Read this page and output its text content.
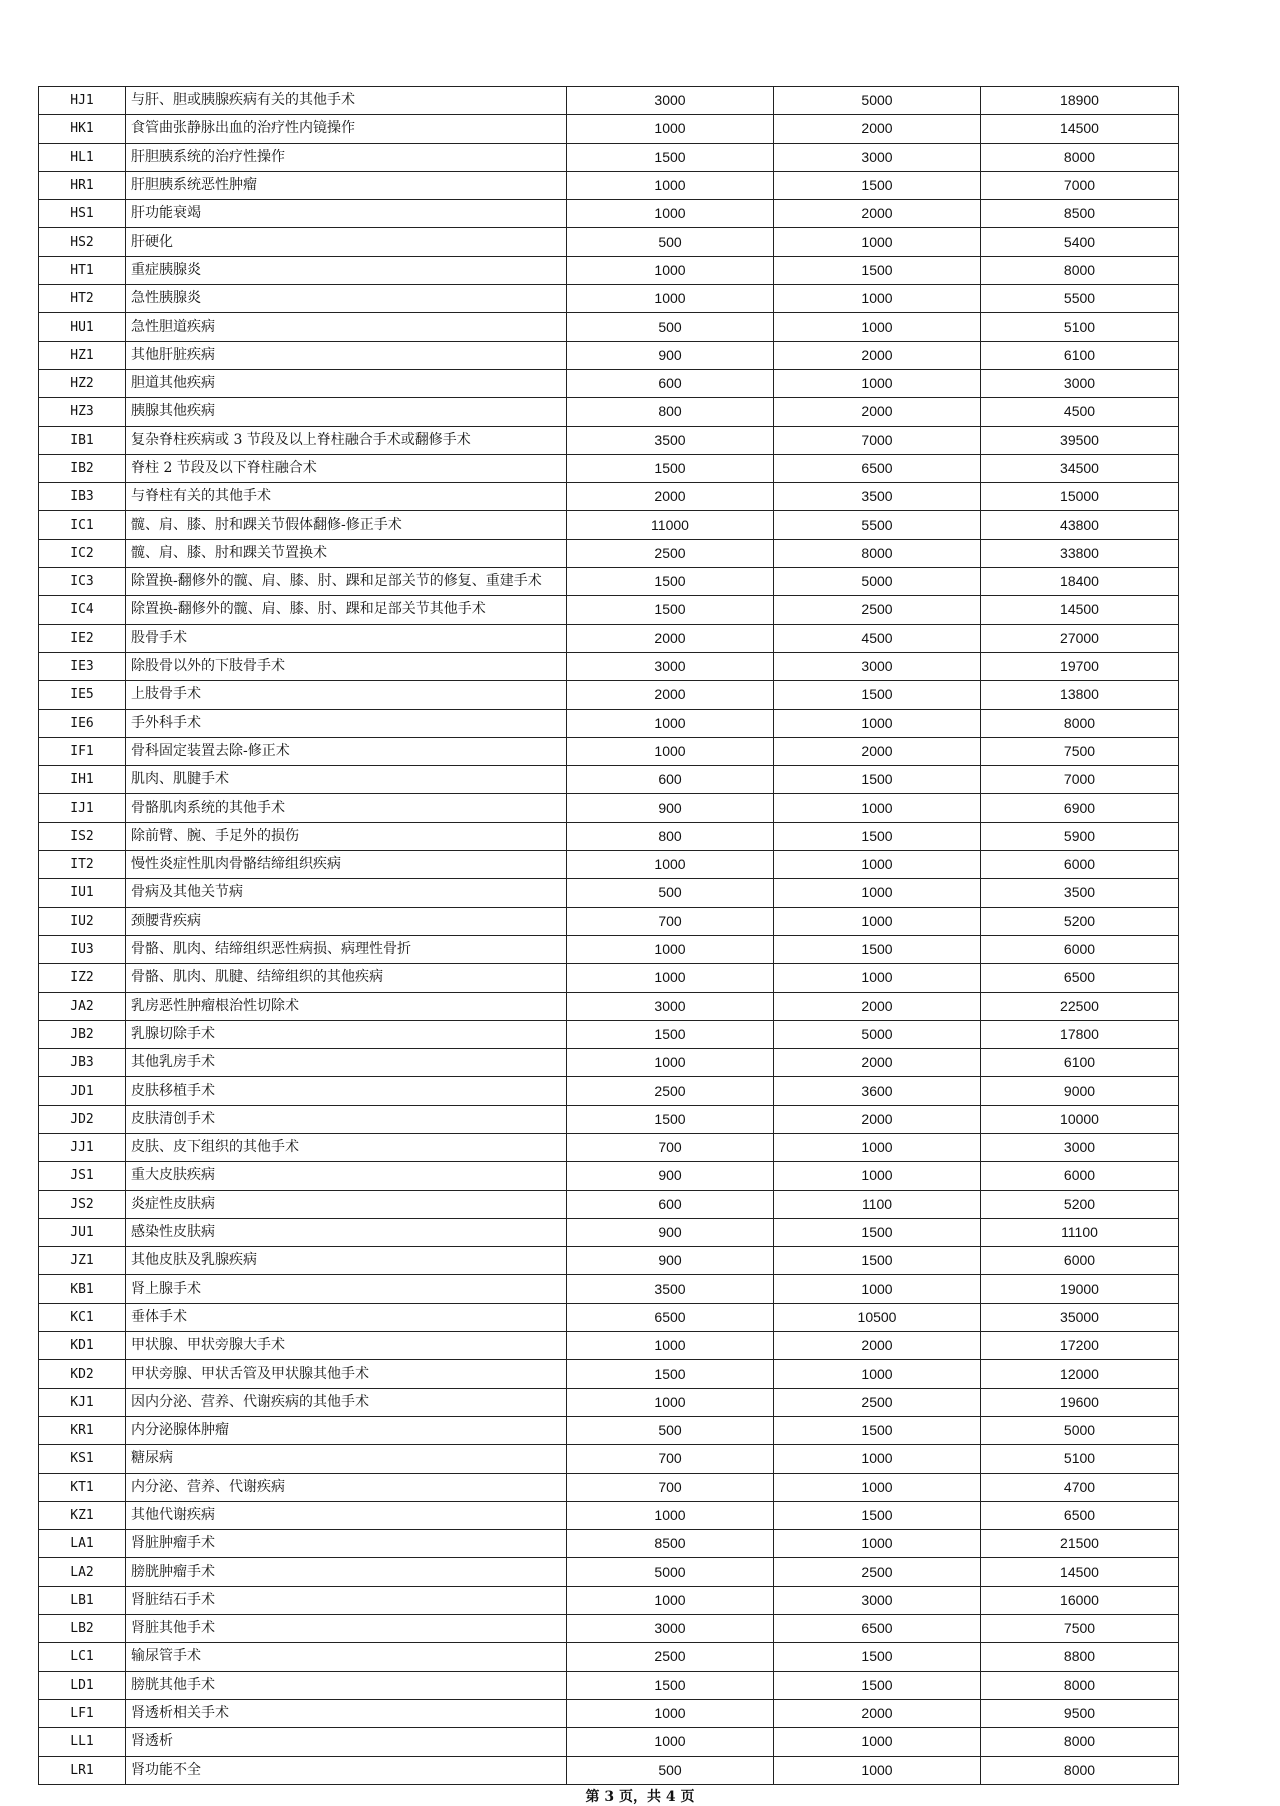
HJ1	与肝、胆或胰腺疾病有关的其他手术	3000	5000	18900
HK1	食管曲张静脉出血的治疗性内镜操作	1000	2000	14500
HL1	肝胆胰系统的治疗性操作	1500	3000	8000
HR1	肝胆胰系统恶性肿瘤	1000	1500	7000
HS1	肝功能衰竭	1000	2000	8500
HS2	肝硬化	500	1000	5400
HT1	重症胰腺炎	1000	1500	8000
HT2	急性胰腺炎	1000	1000	5500
HU1	急性胆道疾病	500	1000	5100
HZ1	其他肝脏疾病	900	2000	6100
HZ2	胆道其他疾病	600	1000	3000
HZ3	胰腺其他疾病	800	2000	4500
IB1	复杂脊柱疾病或 3 节段及以上脊柱融合手术或翻修手术	3500	7000	39500
IB2	脊柱 2 节段及以下脊柱融合术	1500	6500	34500
IB3	与脊柱有关的其他手术	2000	3500	15000
IC1	髋、肩、膝、肘和踝关节假体翻修-修正手术	11000	5500	43800
IC2	髋、肩、膝、肘和踝关节置换术	2500	8000	33800
IC3	除置换-翻修外的髋、肩、膝、肘、踝和足部关节的修复、重建手术	1500	5000	18400
IC4	除置换-翻修外的髋、肩、膝、肘、踝和足部关节其他手术	1500	2500	14500
IE2	股骨手术	2000	4500	27000
IE3	除股骨以外的下肢骨手术	3000	3000	19700
IE5	上肢骨手术	2000	1500	13800
IE6	手外科手术	1000	1000	8000
IF1	骨科固定装置去除-修正术	1000	2000	7500
IH1	肌肉、肌腱手术	600	1500	7000
IJ1	骨骼肌肉系统的其他手术	900	1000	6900
IS2	除前臂、腕、手足外的损伤	800	1500	5900
IT2	慢性炎症性肌肉骨骼结缔组织疾病	1000	1000	6000
IU1	骨病及其他关节病	500	1000	3500
IU2	颈腰背疾病	700	1000	5200
IU3	骨骼、肌肉、结缔组织恶性病损、病理性骨折	1000	1500	6000
IZ2	骨骼、肌肉、肌腱、结缔组织的其他疾病	1000	1000	6500
JA2	乳房恶性肿瘤根治性切除术	3000	2000	22500
JB2	乳腺切除手术	1500	5000	17800
JB3	其他乳房手术	1000	2000	6100
JD1	皮肤移植手术	2500	3600	9000
JD2	皮肤清创手术	1500	2000	10000
JJ1	皮肤、皮下组织的其他手术	700	1000	3000
JS1	重大皮肤疾病	900	1000	6000
JS2	炎症性皮肤病	600	1100	5200
JU1	感染性皮肤病	900	1500	11100
JZ1	其他皮肤及乳腺疾病	900	1500	6000
KB1	肾上腺手术	3500	1000	19000
KC1	垂体手术	6500	10500	35000
KD1	甲状腺、甲状旁腺大手术	1000	2000	17200
KD2	甲状旁腺、甲状舌管及甲状腺其他手术	1500	1000	12000
KJ1	因内分泌、营养、代谢疾病的其他手术	1000	2500	19600
KR1	内分泌腺体肿瘤	500	1500	5000
KS1	糖尿病	700	1000	5100
KT1	内分泌、营养、代谢疾病	700	1000	4700
KZ1	其他代谢疾病	1000	1500	6500
LA1	肾脏肿瘤手术	8500	1000	21500
LA2	膀胱肿瘤手术	5000	2500	14500
LB1	肾脏结石手术	1000	3000	16000
LB2	肾脏其他手术	3000	6500	7500
LC1	输尿管手术	2500	1500	8800
LD1	膀胱其他手术	1500	1500	8000
LF1	肾透析相关手术	1000	2000	9500
LL1	肾透析	1000	1000	8000
LR1	肾功能不全	500	1000	8000
第 3 页，共 4 页
